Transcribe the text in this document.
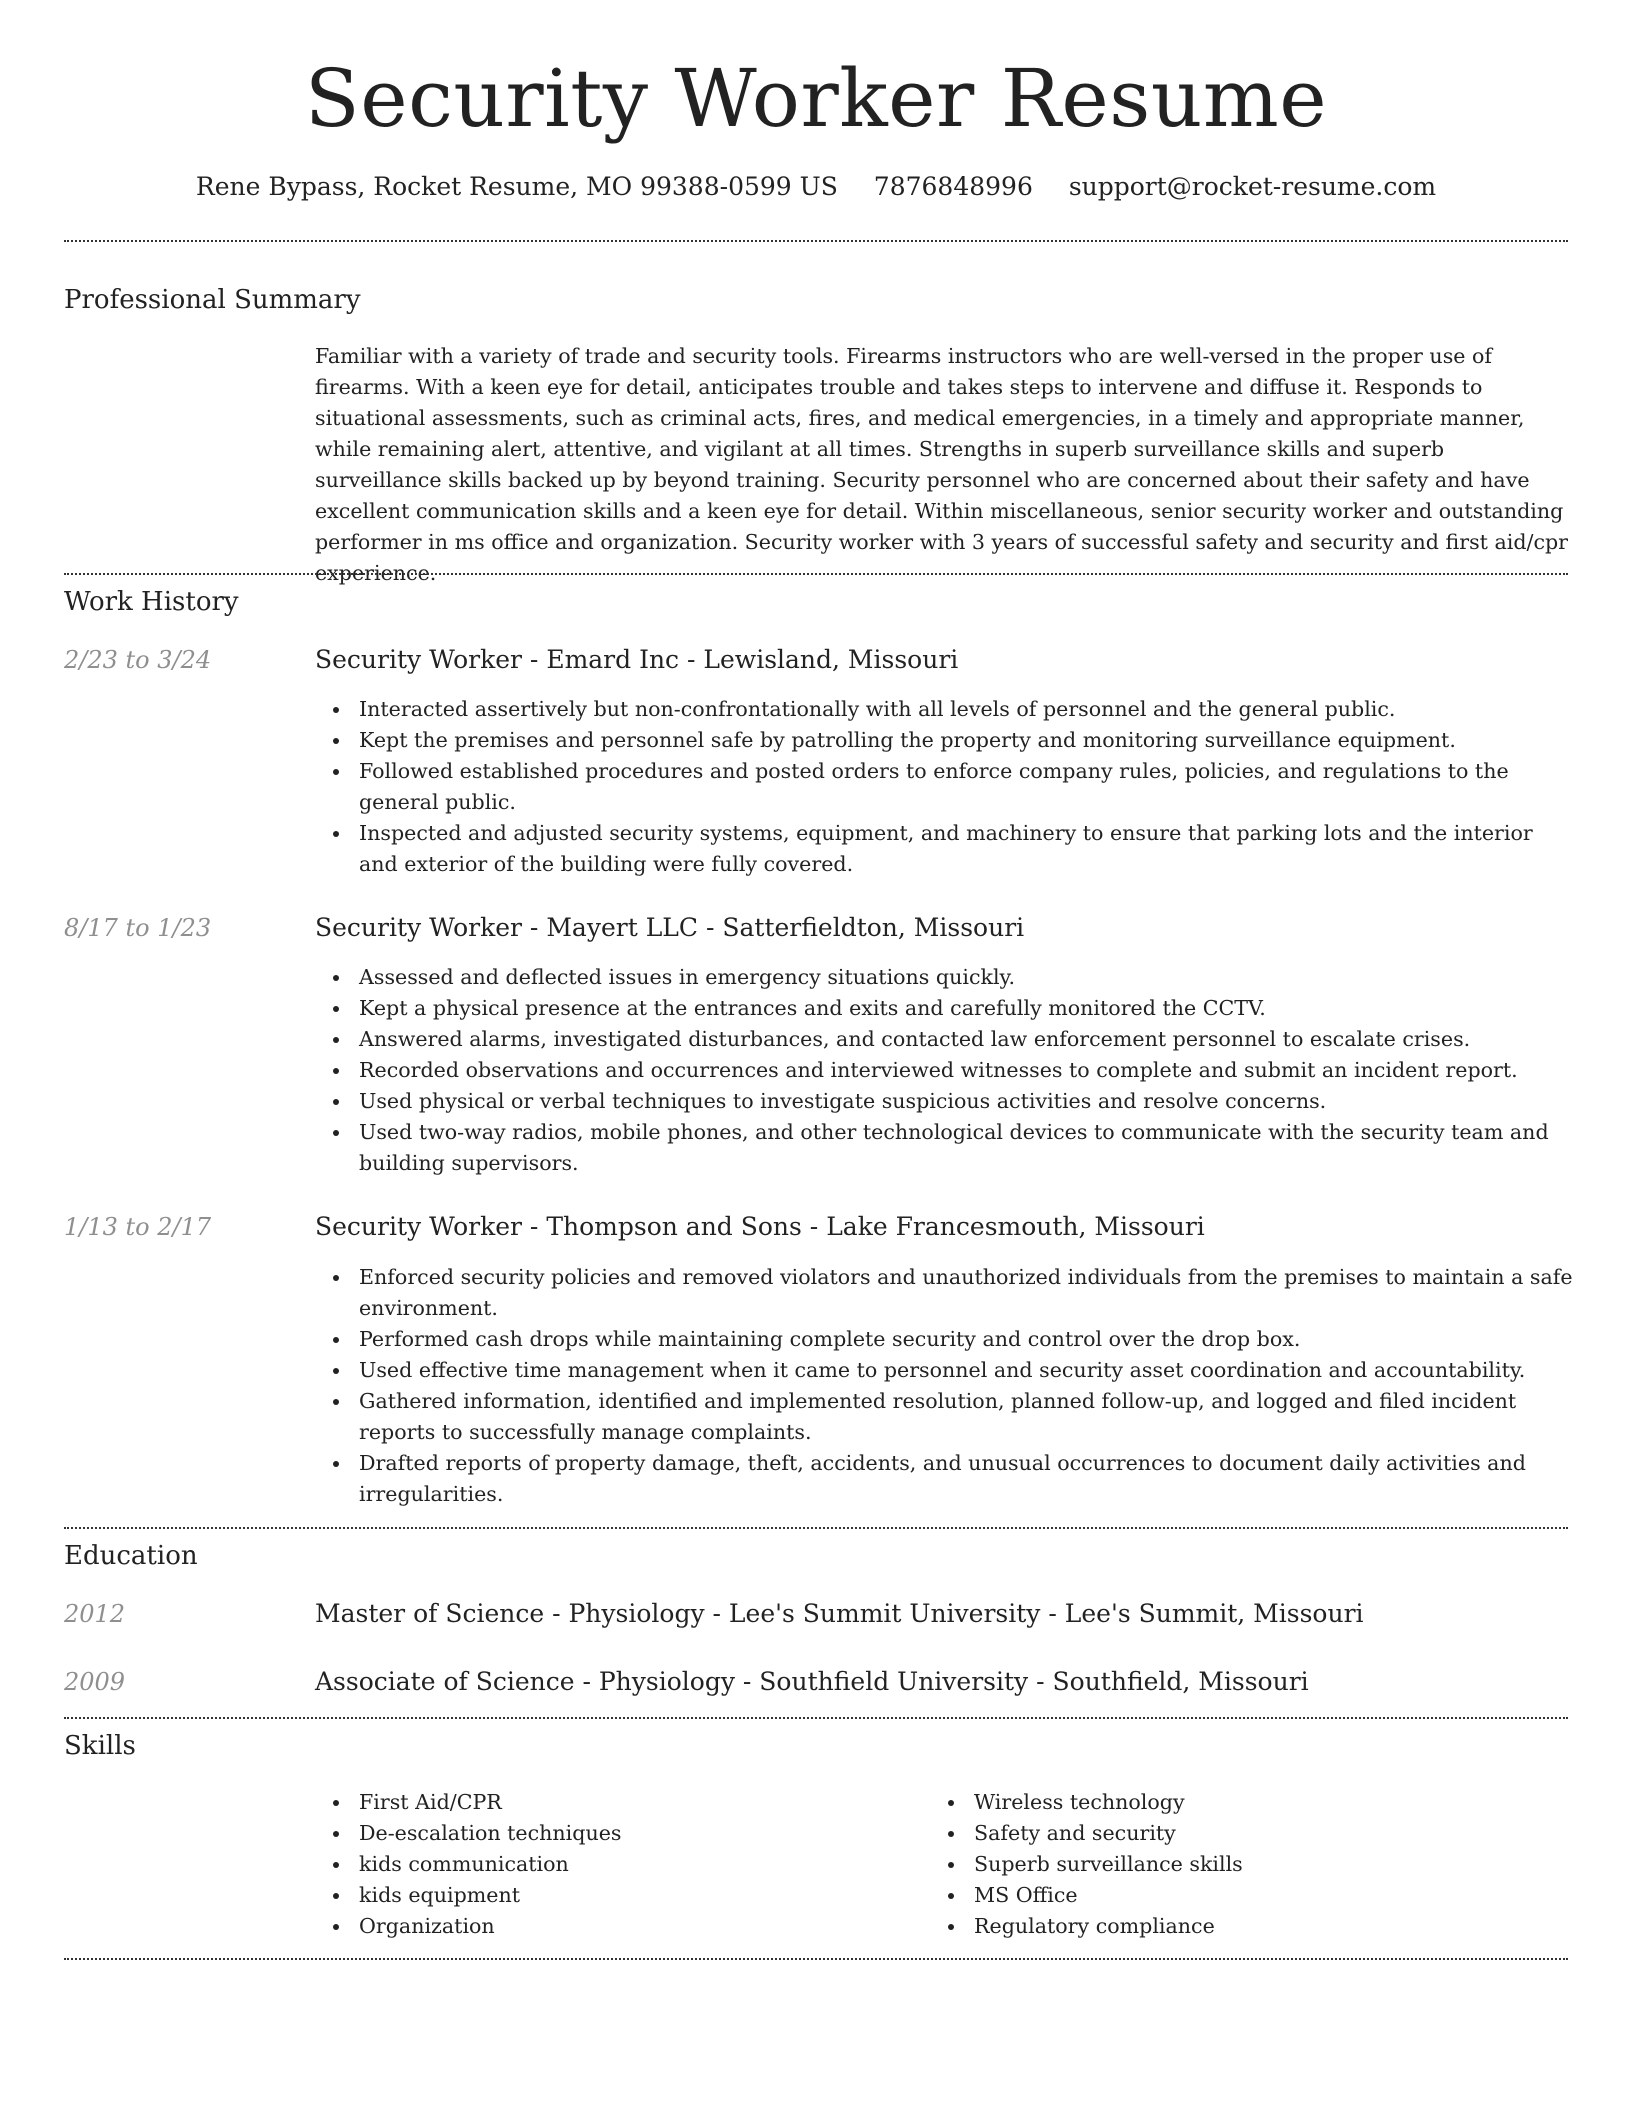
Security Worker Resume
Rene Bypass, Rocket Resume, MO 99388-0599 US 7876848996 support@rocket-resume.com
Professional Summary
Familiar with a variety of trade and security tools. Firearms instructors who are well-versed in the proper use of firearms. With a keen eye for detail, anticipates trouble and takes steps to intervene and diffuse it. Responds to situational assessments, such as criminal acts, fires, and medical emergencies, in a timely and appropriate manner, while remaining alert, attentive, and vigilant at all times. Strengths in superb surveillance skills and superb surveillance skills backed up by beyond training. Security personnel who are concerned about their safety and have excellent communication skills and a keen eye for detail. Within miscellaneous, senior security worker and outstanding performer in ms office and organization. Security worker with 3 years of successful safety and security and first aid/cpr experience.
Work History
2/23 to 3/24	Security Worker - Emard Inc - Lewisland, Missouri
Interacted assertively but non-confrontationally with all levels of personnel and the general public.
Kept the premises and personnel safe by patrolling the property and monitoring surveillance equipment.
Followed established procedures and posted orders to enforce company rules, policies, and regulations to the general public.
Inspected and adjusted security systems, equipment, and machinery to ensure that parking lots and the interior and exterior of the building were fully covered.
8/17 to 1/23	Security Worker - Mayert LLC - Satterfieldton, Missouri
Assessed and deflected issues in emergency situations quickly.
Kept a physical presence at the entrances and exits and carefully monitored the CCTV.
Answered alarms, investigated disturbances, and contacted law enforcement personnel to escalate crises.
Recorded observations and occurrences and interviewed witnesses to complete and submit an incident report.
Used physical or verbal techniques to investigate suspicious activities and resolve concerns.
Used two-way radios, mobile phones, and other technological devices to communicate with the security team and building supervisors.
1/13 to 2/17	Security Worker - Thompson and Sons - Lake Francesmouth, Missouri
Enforced security policies and removed violators and unauthorized individuals from the premises to maintain a safe environment.
Performed cash drops while maintaining complete security and control over the drop box.
Used effective time management when it came to personnel and security asset coordination and accountability.
Gathered information, identified and implemented resolution, planned follow-up, and logged and filed incident reports to successfully manage complaints.
Drafted reports of property damage, theft, accidents, and unusual occurrences to document daily activities and irregularities.
Education
2012	Master of Science - Physiology - Lee's Summit University - Lee's Summit, Missouri
2009	Associate of Science - Physiology - Southfield University - Southfield, Missouri
Skills
First Aid/CPR
De-escalation techniques
kids communication
kids equipment
Organization
Wireless technology
Safety and security
Superb surveillance skills
MS Office
Regulatory compliance
